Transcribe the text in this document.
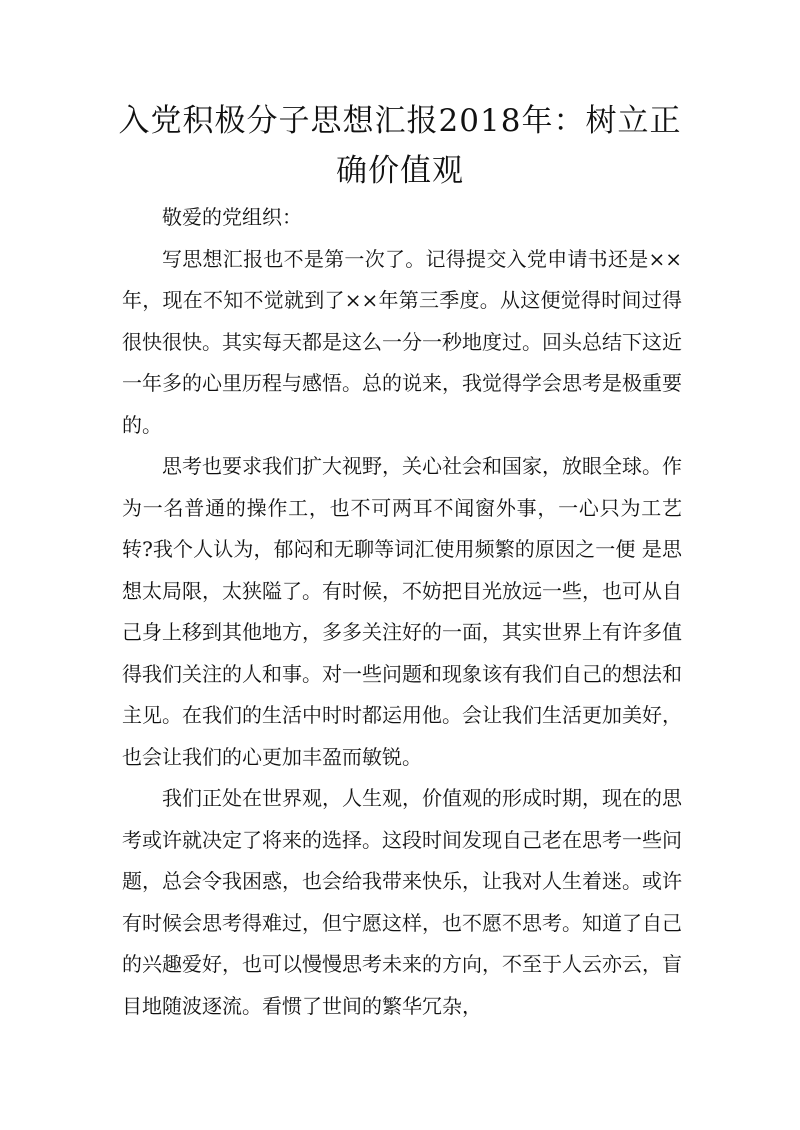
入党积极分子思想汇报2018年：树立正确价值观

敬爱的党组织：

写思想汇报也不是第一次了。记得提交入党申请书还是××年，现在不知不觉就到了××年第三季度。从这便觉得时间过得很快很快。其实每天都是这么一分一秒地度过。回头总结下这近一年多的心里历程与感悟。总的说来，我觉得学会思考是极重要的。

思考也要求我们扩大视野，关心社会和国家，放眼全球。作为一名普通的操作工，也不可两耳不闻窗外事，一心只为工艺转?我个人认为，郁闷和无聊等词汇使用频繁的原因之一便 是思想太局限，太狭隘了。有时候，不妨把目光放远一些，也可从自己身上移到其他地方，多多关注好的一面，其实世界上有许多值得我们关注的人和事。对一些问题和现象该有我们自己的想法和主见。在我们的生活中时时都运用他。会让我们生活更加美好，也会让我们的心更加丰盈而敏锐。

我们正处在世界观，人生观，价值观的形成时期，现在的思考或许就决定了将来的选择。这段时间发现自己老在思考一些问题，总会令我困惑，也会给我带来快乐，让我对人生着迷。或许有时候会思考得难过，但宁愿这样，也不愿不思考。知道了自己的兴趣爱好，也可以慢慢思考未来的方向，不至于人云亦云，盲目地随波逐流。看惯了世间的繁华冗杂，
